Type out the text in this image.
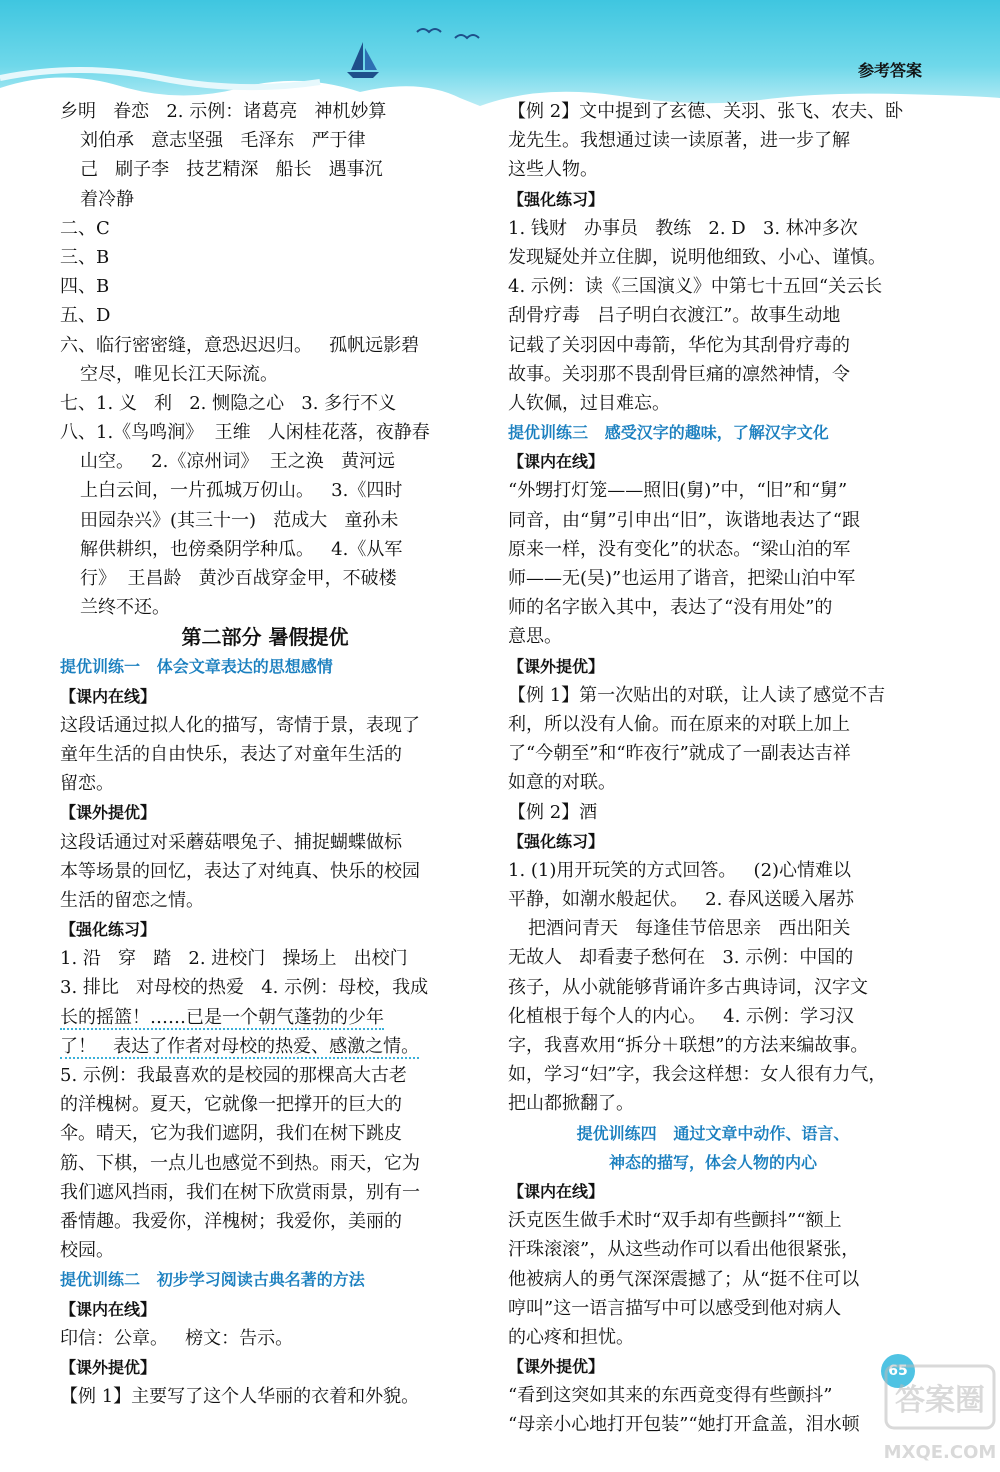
参考答案
乡明   眷恋   2. 示例：诸葛亮   神机妙算
刘伯承   意志坚强   毛泽东   严于律
己   刷子李   技艺精深   船长   遇事沉
着冷静
二、C
三、B
四、B
五、D
六、临行密密缝，意恐迟迟归。   孤帆远影碧
空尽，唯见长江天际流。
七、1. 义   利   2. 恻隐之心   3. 多行不义
八、1.《鸟鸣涧》  王维   人闲桂花落，夜静春
山空。   2.《凉州词》  王之涣   黄河远
上白云间，一片孤城万仞山。   3.《四时
田园杂兴》(其三十一)   范成大   童孙未
解供耕织，也傍桑阴学种瓜。   4.《从军
行》  王昌龄   黄沙百战穿金甲，不破楼
兰终不还。
第二部分 暑假提优
提优训练一   体会文章表达的思想感情
【课内在线】
这段话通过拟人化的描写，寄情于景，表现了
童年生活的自由快乐，表达了对童年生活的
留恋。
【课外提优】
这段话通过对采蘑菇喂兔子、捕捉蝴蝶做标
本等场景的回忆，表达了对纯真、快乐的校园
生活的留恋之情。
【强化练习】
1. 沿   穿   踏   2. 进校门   操场上   出校门
3. 排比   对母校的热爱   4. 示例：母校，我成
长的摇篮！……已是一个朝气蓬勃的少年
了！   表达了作者对母校的热爱、感激之情。
5. 示例：我最喜欢的是校园的那棵高大古老
的洋槐树。夏天，它就像一把撑开的巨大的
伞。晴天，它为我们遮阴，我们在树下跳皮
筋、下棋，一点儿也感觉不到热。雨天，它为
我们遮风挡雨，我们在树下欣赏雨景，别有一
番情趣。我爱你，洋槐树；我爱你，美丽的
校园。
提优训练二   初步学习阅读古典名著的方法
【课内在线】
印信：公章。   榜文：告示。
【课外提优】
【例 1】主要写了这个人华丽的衣着和外貌。
【例 2】文中提到了玄德、关羽、张飞、农夫、卧
龙先生。我想通过读一读原著，进一步了解
这些人物。
【强化练习】
1. 钱财   办事员   教练   2. D   3. 林冲多次
发现疑处并立住脚，说明他细致、小心、谨慎。
4. 示例：读《三国演义》中第七十五回“关云长
刮骨疗毒   吕子明白衣渡江”。故事生动地
记载了关羽因中毒箭，华佗为其刮骨疗毒的
故事。关羽那不畏刮骨巨痛的凛然神情，令
人钦佩，过目难忘。
提优训练三   感受汉字的趣味，了解汉字文化
【课内在线】
“外甥打灯笼——照旧(舅)”中，“旧”和“舅”
同音，由“舅”引申出“旧”，诙谐地表达了“跟
原来一样，没有变化”的状态。“梁山泊的军
师——无(吴)”也运用了谐音，把梁山泊中军
师的名字嵌入其中，表达了“没有用处”的
意思。
【课外提优】
【例 1】第一次贴出的对联，让人读了感觉不吉
利，所以没有人偷。而在原来的对联上加上
了“今朝至”和“昨夜行”就成了一副表达吉祥
如意的对联。
【例 2】酒
【强化练习】
1. (1)用开玩笑的方式回答。   (2)心情难以
平静，如潮水般起伏。   2. 春风送暖入屠苏
把酒问青天   每逢佳节倍思亲   西出阳关
无故人   却看妻子愁何在   3. 示例：中国的
孩子，从小就能够背诵许多古典诗词，汉字文
化植根于每个人的内心。   4. 示例：学习汉
字，我喜欢用“拆分＋联想”的方法来编故事。
如，学习“妇”字，我会这样想：女人很有力气，
把山都掀翻了。
提优训练四   通过文章中动作、语言、
神态的描写，体会人物的内心
【课内在线】
沃克医生做手术时“双手却有些颤抖”“额上
汗珠滚滚”，从这些动作可以看出他很紧张，
他被病人的勇气深深震撼了；从“挺不住可以
哼叫”这一语言描写中可以感受到他对病人
的心疼和担忧。
【课外提优】
“看到这突如其来的东西竟变得有些颤抖”
“母亲小心地打开包装”“她打开盒盖，泪水顿
65
答案圈
MXQE.COM
